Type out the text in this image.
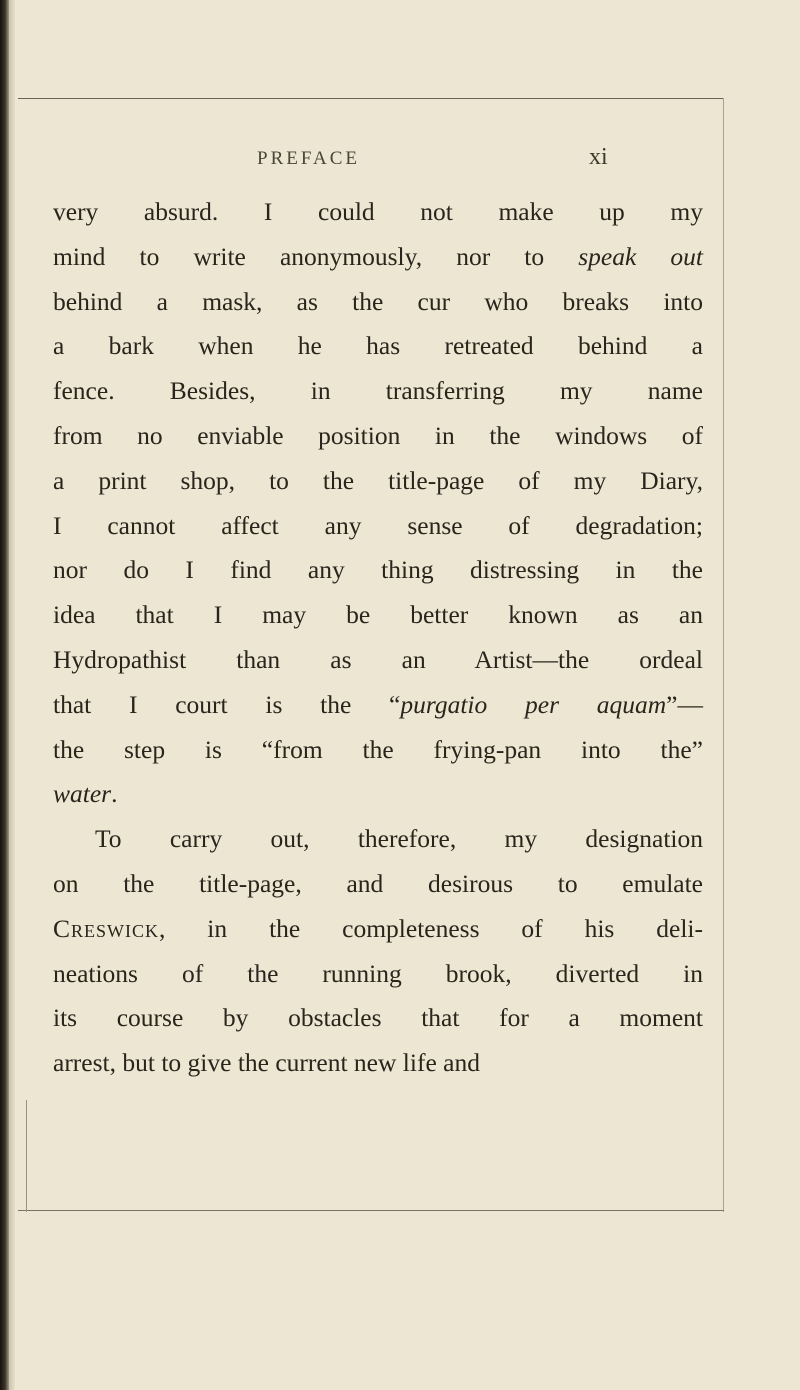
PREFACE	xi
very absurd. I could not make up my
mind to write anonymously, nor to speak out
behind a mask, as the cur who breaks into
a bark when he has retreated behind a
fence. Besides, in transferring my name
from no enviable position in the windows of
a print shop, to the title-page of my Diary,
I cannot affect any sense of degradation;
nor do I find any thing distressing in the
idea that I may be better known as an
Hydropathist than as an Artist—the ordeal
that I court is the “purgatio per aquam”—
the step is “from the frying-pan into the”
water.
To carry out, therefore, my designation
on the title-page, and desirous to emulate
Creswick, in the completeness of his deli-
neations of the running brook, diverted in
its course by obstacles that for a moment
arrest, but to give the current new life and
